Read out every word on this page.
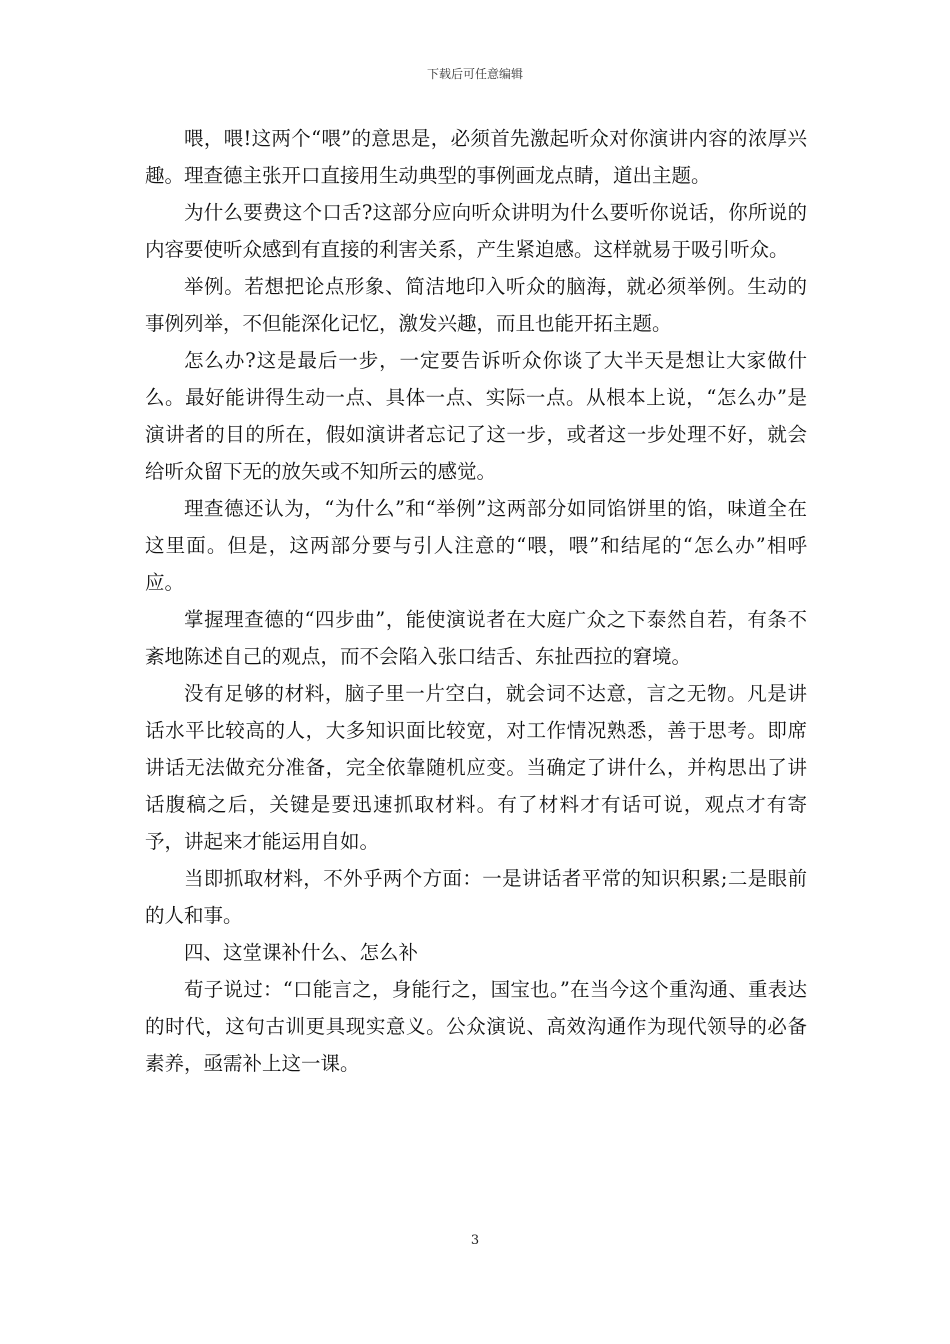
下载后可任意编辑

喂，喂!这两个“喂”的意思是，必须首先激起听众对你演讲内容的浓厚兴趣。理查德主张开口直接用生动典型的事例画龙点睛，道出主题。

为什么要费这个口舌?这部分应向听众讲明为什么要听你说话，你所说的内容要使听众感到有直接的利害关系，产生紧迫感。这样就易于吸引听众。

举例。若想把论点形象、简洁地印入听众的脑海，就必须举例。生动的事例列举，不但能深化记忆，激发兴趣，而且也能开拓主题。

怎么办?这是最后一步，一定要告诉听众你谈了大半天是想让大家做什么。最好能讲得生动一点、具体一点、实际一点。从根本上说，“怎么办”是演讲者的目的所在，假如演讲者忘记了这一步，或者这一步处理不好，就会给听众留下无的放矢或不知所云的感觉。

理查德还认为，“为什么”和“举例”这两部分如同馅饼里的馅，味道全在这里面。但是，这两部分要与引人注意的“喂，喂”和结尾的“怎么办”相呼应。

掌握理查德的“四步曲”，能使演说者在大庭广众之下泰然自若，有条不紊地陈述自己的观点，而不会陷入张口结舌、东扯西拉的窘境。

没有足够的材料，脑子里一片空白，就会词不达意，言之无物。凡是讲话水平比较高的人，大多知识面比较宽，对工作情况熟悉，善于思考。即席讲话无法做充分准备，完全依靠随机应变。当确定了讲什么，并构思出了讲话腹稿之后，关键是要迅速抓取材料。有了材料才有话可说，观点才有寄予，讲起来才能运用自如。

当即抓取材料，不外乎两个方面：一是讲话者平常的知识积累;二是眼前的人和事。

四、这堂课补什么、怎么补

荀子说过：“口能言之，身能行之，国宝也。”在当今这个重沟通、重表达的时代，这句古训更具现实意义。公众演说、高效沟通作为现代领导的必备素养，亟需补上这一课。

3
